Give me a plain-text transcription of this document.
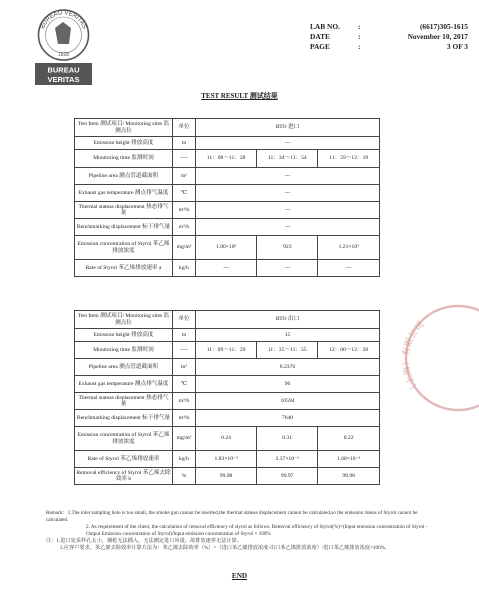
BUREAU VERITAS
1828
BUREAU
VERITAS
LAB NO.	:	(6617)305-1615
DATE	:	November 10, 2017
PAGE	:	3 OF 3
TEST RESULT 测试结果
Test Item 测试项目/ Monitoring sites 监测点位	单位	RTO 进口		
Emission height 排放高度	m	---		
Monitoring time 监测时间	----	11：08～11：28	11：34～11：54	11：59～12：19
Pipeline area 测点管道截面积	m²	---		
Exhaust gas temperature 测点排气温度	℃	---		
Thermal stateas displacement 热态排气量	m³/h	---		
Benchmarking displacement 标干排气量	m³/h	---		
Emission concentration of Styrol 苯乙烯排放浓度	mg/m³	1.06×10³	923	1.21×10³
Rate of Styrol 苯乙烯排放速率 a	kg/h	---	---	---
Test Item 测试项目/ Monitoring sites 监测点位	单位	RTO 出口		
Emission height 排放高度	m	15		
Monitoring time 监测时间	----	11：09～11：29	11：35～11：55	12：00～12：20
Pipeline area 测点管道截面积	m²	0.2376		
Exhaust gas temperature 测点排气温度	℃	96		
Thermal stateas displacement 热态排气量	m³/h	10594		
Benchmarking displacement 标干排气量	m³/h	7640		
Emission concentration of Styrol 苯乙烯排放浓度	mg/m³	0.24	0.31	0.22
Rate of Styrol 苯乙烯排放速率	kg/h	1.83×10⁻³	2.37×10⁻³	1.68×10⁻³
Removal efficiency of Styrol 苯乙烯去除效率 b	%	99.98	99.97	99.98
（上海）有限公司

Remark：1.The inlet sampling hole is too small, the smoke gun cannot be inserted,the thermal stateas displacement cannot be calculated,so the emission rateas of Styrol cannot be calculated.

2. As requirement of the client, the calculation of removal efficiency of styrol as follows: Removal efficiency of Styrol(%)=(Input emission concentration of Styrol -Output Emission concentration of Styrol)/Input emission concentration of Styrol × 100%

注：1.进口处采样孔太小，烟枪无法插入，无法测定进口风量，故排放速率无法计算。

2.应客户要求，苯乙烯去除效率计算方法为：苯乙烯去除效率（%）=（进口苯乙烯排放浓度-出口苯乙烯排放浓度）/进口苯乙烯排放浓度×100%。

END
